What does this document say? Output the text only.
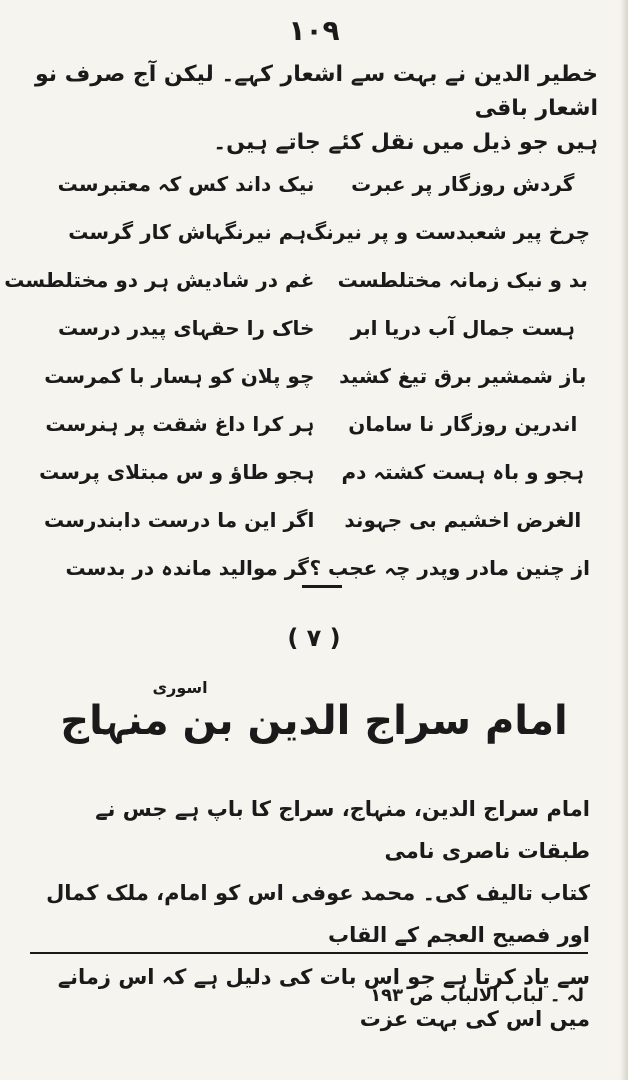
۱۰۹
خطیر الدین نے بہت سے اشعار کہے۔ لیکن آج صرف نو اشعار باقی
ہیں جو ذیل میں نقل کئے جاتے ہیں۔
گردش روزگار پر عبرت
نیک داند کس کہ معتبرست
چرخ پیر شعبدست و پر نیرنگ
ہم نیرنگہاش کار گرست
بد و نیک زمانہ مختلطست
غم در شادیش ہر دو مختلطست
ہست جمال آب دریا ابر
خاک را حقہای پیدر درست
باز شمشیر برق تیغ کشید
چو پلان کو ہسار با کمرست
اندرین روزگار نا سامان
ہر کرا داغ شقت پر ہنرست
ہجو و باہ ہست کشتہ دم
ہجو طاؤ و س مبتلای پرست
الغرض اخشیم بی جہوند
اگر این ما درست دابندرست
از چنین مادر وپدر چہ عجب ؟
گر موالید ماندہ در بدست
( ۷ )
اسوری
امام سراج الدین بن منہاج
امام سراج الدین، منہاج، سراج کا باپ ہے جس نے طبقات ناصری نامی
کتاب تالیف کی۔ محمد عوفی اس کو امام، ملک کمال اور فصیح العجم کے القاب
سے یاد کرتا ہے جو اس بات کی دلیل ہے کہ اس زمانے میں اس کی بہت عزت
لہ ۔ لباب الالباب ص ۱۹۳
